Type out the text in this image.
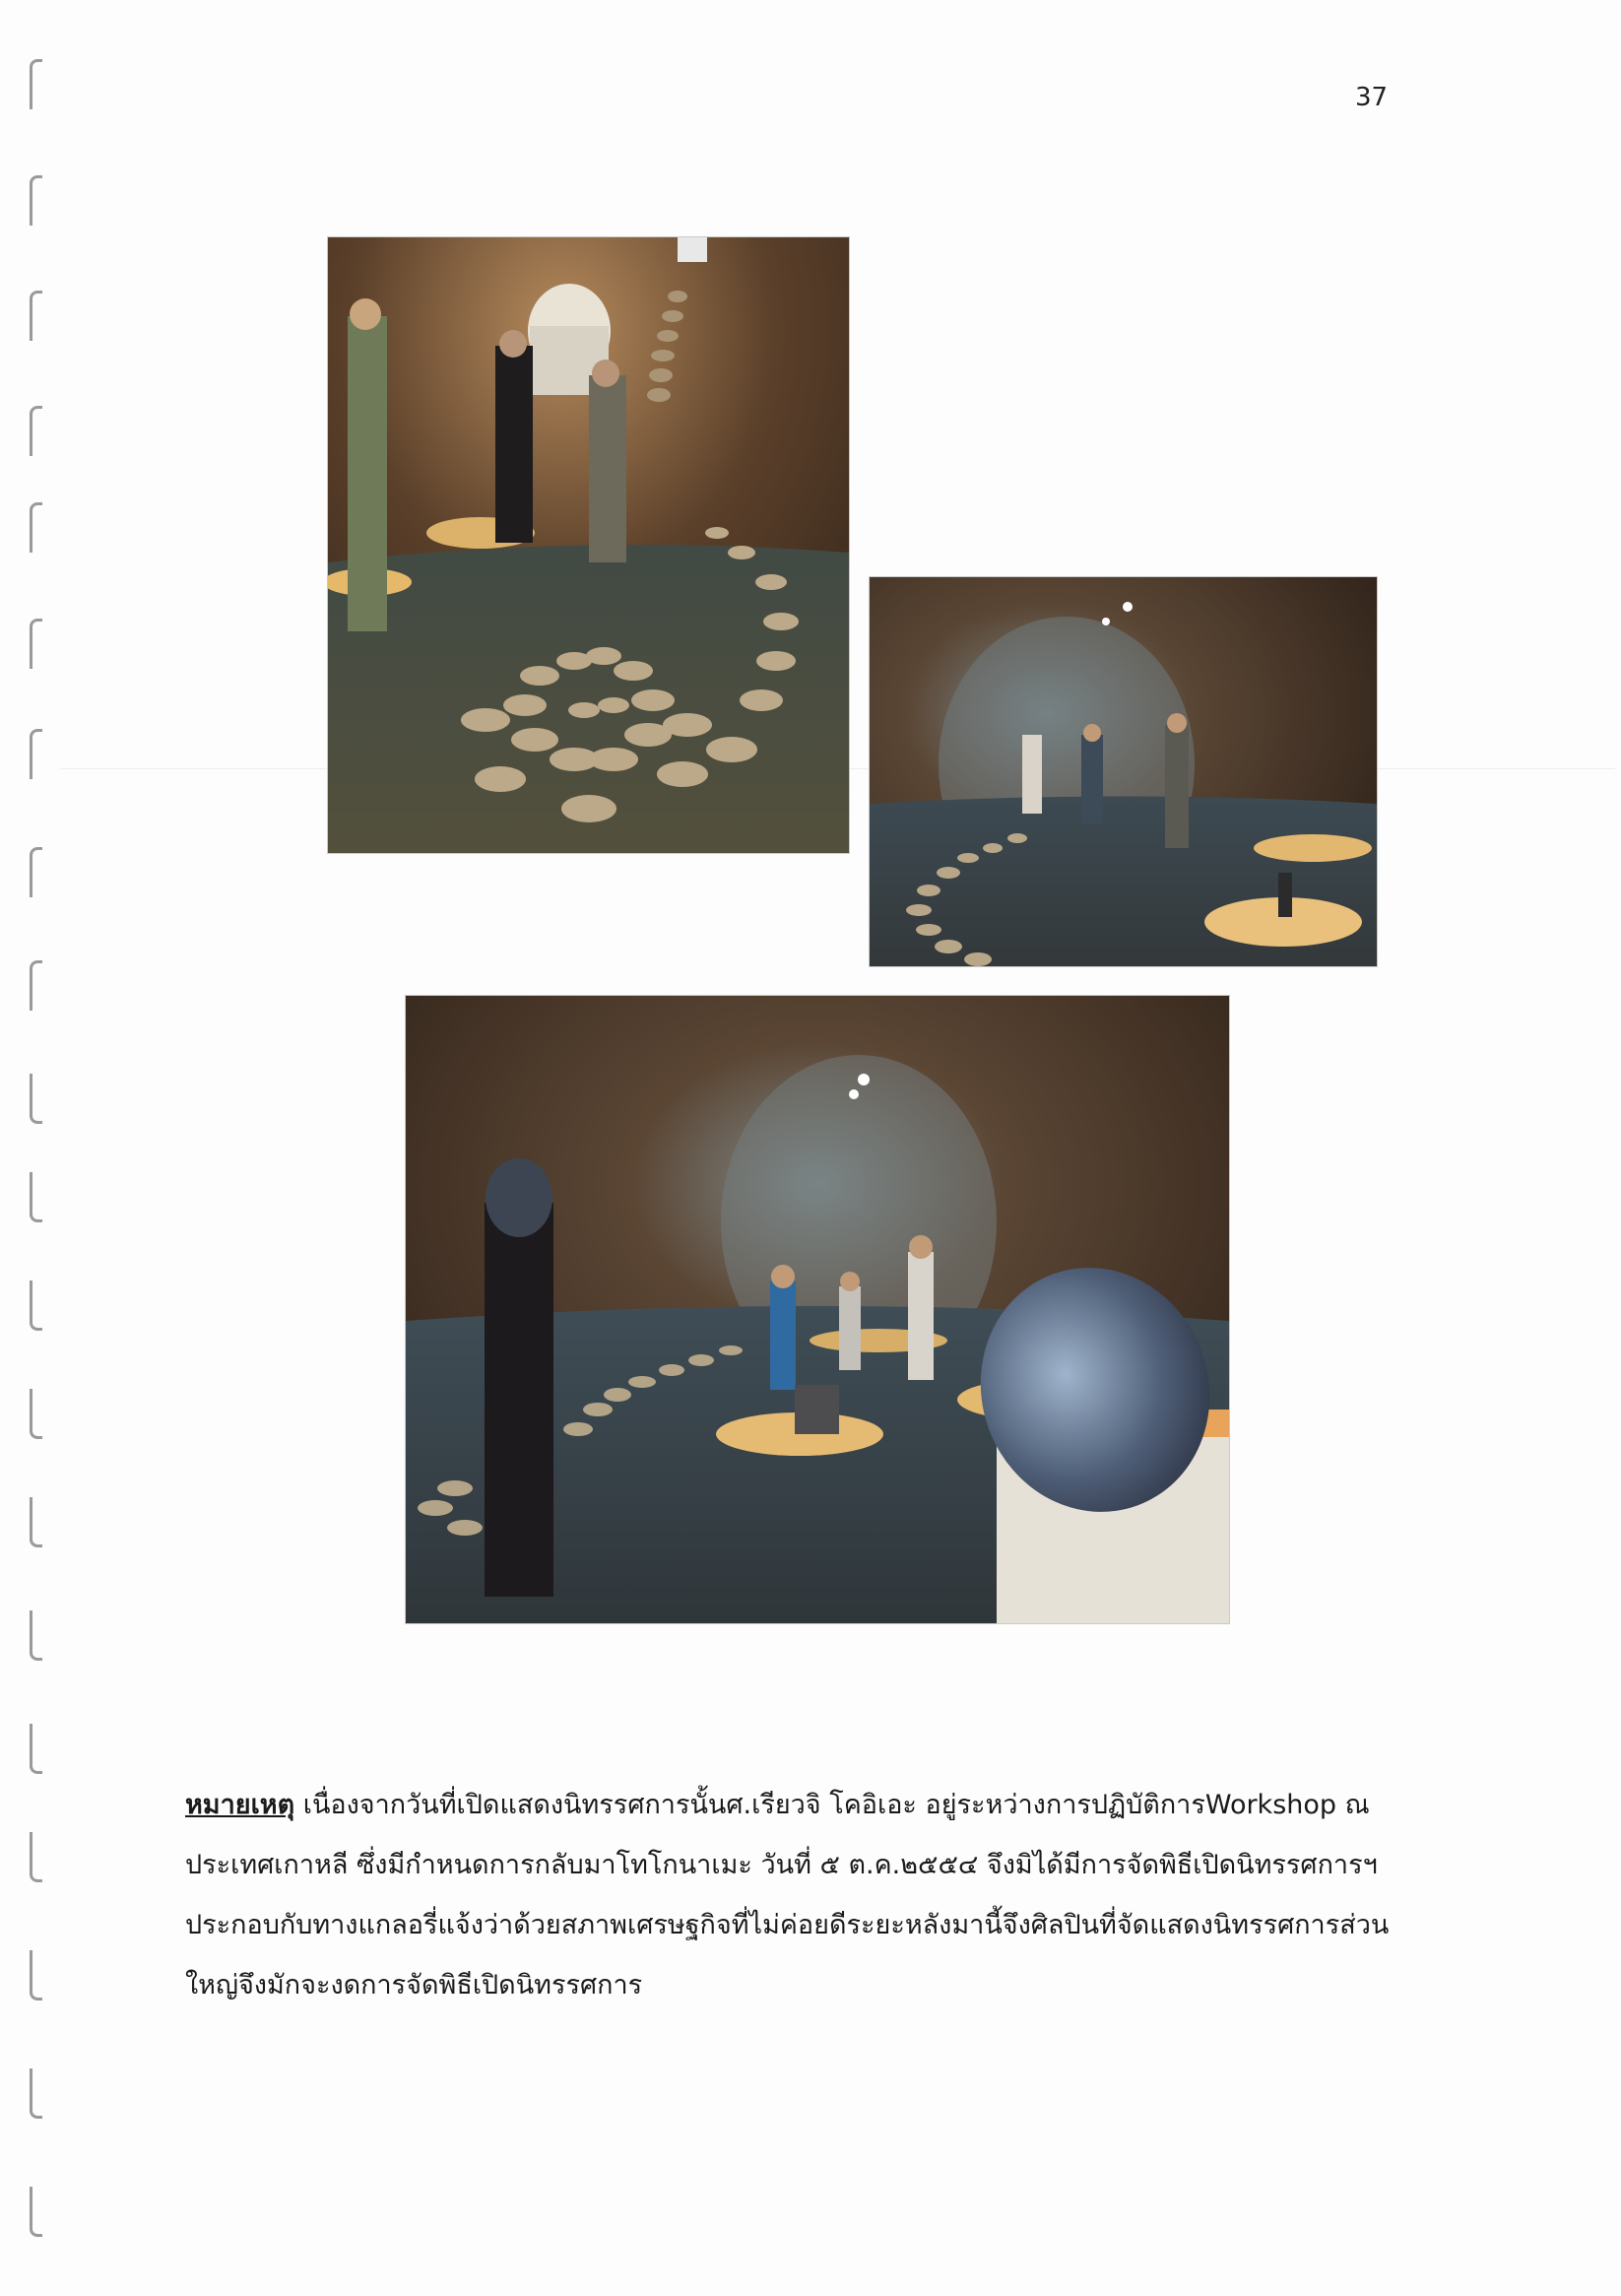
37

หมายเหตุ เนื่องจากวันที่เปิดแสดงนิทรรศการนั้นศ.เรียวจิ โคอิเอะ อยู่ระหว่างการปฏิบัติการWorkshop ณ

ประเทศเกาหลี ซึ่งมีกำหนดการกลับมาโทโกนาเมะ วันที่ ๕ ต.ค.๒๕๕๔ จึงมิได้มีการจัดพิธีเปิดนิทรรศการฯ

ประกอบกับทางแกลอรี่แจ้งว่าด้วยสภาพเศรษฐกิจที่ไม่ค่อยดีระยะหลังมานี้จึงศิลปินที่จัดแสดงนิทรรศการส่วน

ใหญ่จึงมักจะงดการจัดพิธีเปิดนิทรรศการ
